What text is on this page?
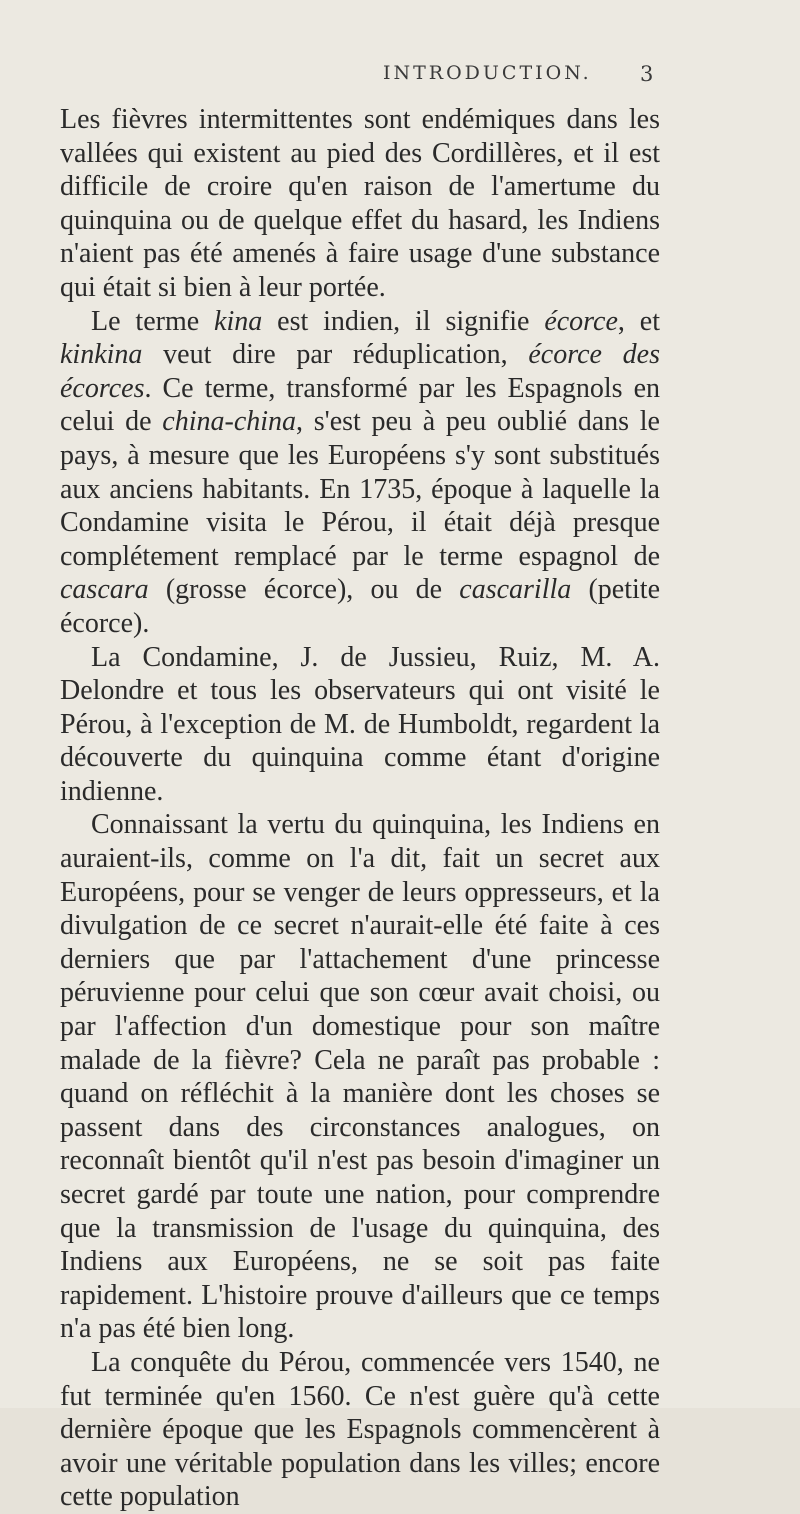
INTRODUCTION. 3

Les fièvres intermittentes sont endémiques dans les vallées qui existent au pied des Cordillères, et il est difficile de croire qu'en raison de l'amertume du quinquina ou de quelque effet du hasard, les Indiens n'aient pas été amenés à faire usage d'une substance qui était si bien à leur portée.

Le terme kina est indien, il signifie écorce, et kinkina veut dire par réduplication, écorce des écorces. Ce terme, transformé par les Espagnols en celui de china-china, s'est peu à peu oublié dans le pays, à mesure que les Européens s'y sont substitués aux anciens habitants. En 1735, époque à laquelle la Condamine visita le Pérou, il était déjà presque complétement remplacé par le terme espagnol de cascara (grosse écorce), ou de cascarilla (petite écorce).

La Condamine, J. de Jussieu, Ruiz, M. A. Delondre et tous les observateurs qui ont visité le Pérou, à l'exception de M. de Humboldt, regardent la découverte du quinquina comme étant d'origine indienne.

Connaissant la vertu du quinquina, les Indiens en auraient-ils, comme on l'a dit, fait un secret aux Européens, pour se venger de leurs oppresseurs, et la divulgation de ce secret n'aurait-elle été faite à ces derniers que par l'attachement d'une princesse péruvienne pour celui que son cœur avait choisi, ou par l'affection d'un domestique pour son maître malade de la fièvre? Cela ne paraît pas probable : quand on réfléchit à la manière dont les choses se passent dans des circonstances analogues, on reconnaît bientôt qu'il n'est pas besoin d'imaginer un secret gardé par toute une nation, pour comprendre que la transmission de l'usage du quinquina, des Indiens aux Européens, ne se soit pas faite rapidement. L'histoire prouve d'ailleurs que ce temps n'a pas été bien long.

La conquête du Pérou, commencée vers 1540, ne fut terminée qu'en 1560. Ce n'est guère qu'à cette dernière époque que les Espagnols commencèrent à avoir une véritable population dans les villes; encore cette population
